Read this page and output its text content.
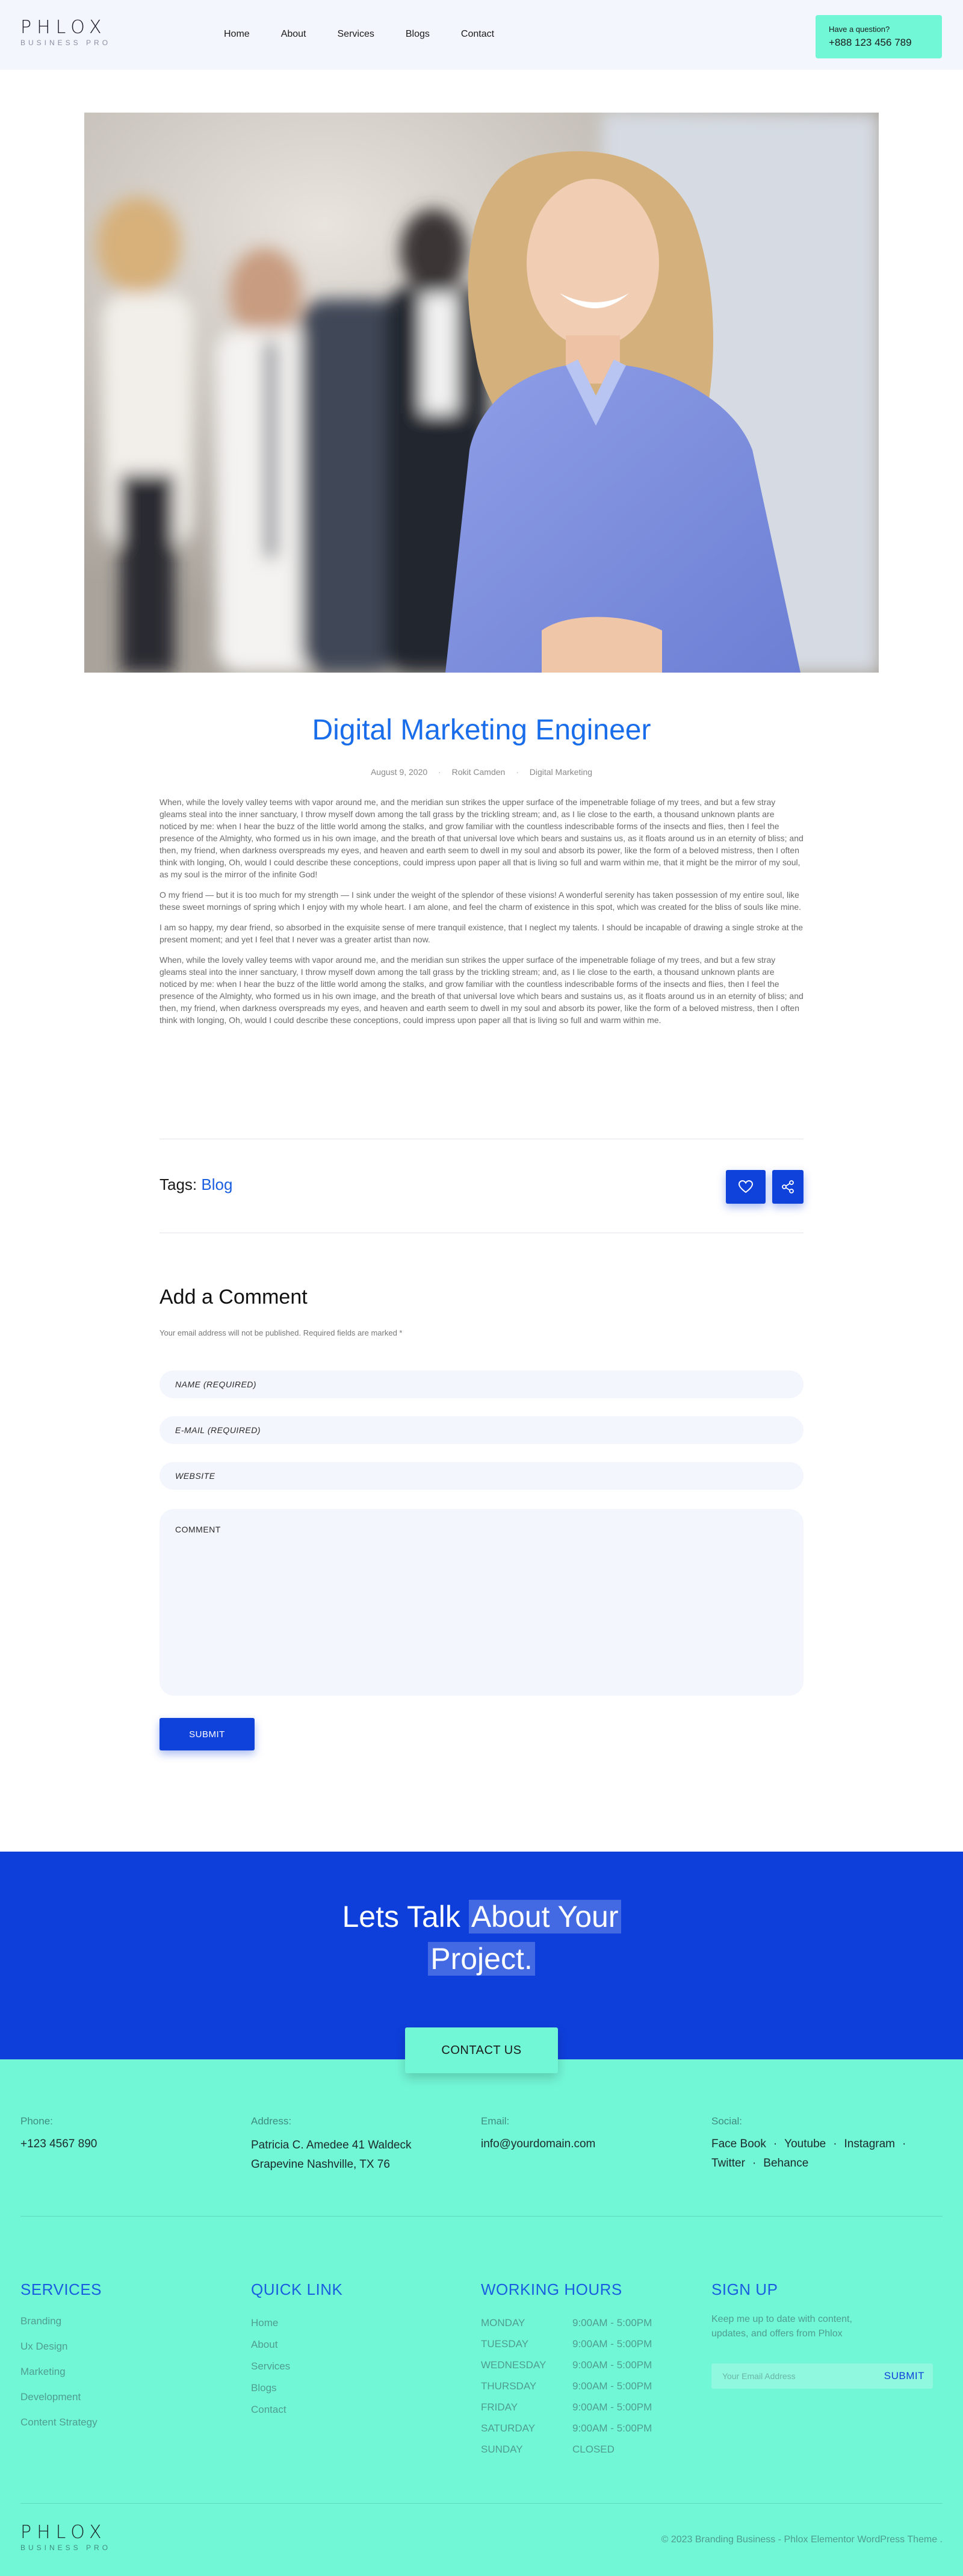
PHLOX
BUSINESS PRO
Home	About	Services	Blogs	Contact	Have a question?
+888 123 456 789
Digital Marketing Engineer
August 9, 2020 · Rokit Camden · Digital Marketing

When, while the lovely valley teems with vapor around me, and the meridian sun strikes the upper surface of the impenetrable foliage of my trees, and but a few stray gleams steal into the inner sanctuary, I throw myself down among the tall grass by the trickling stream; and, as I lie close to the earth, a thousand unknown plants are noticed by me: when I hear the buzz of the little world among the stalks, and grow familiar with the countless indescribable forms of the insects and flies, then I feel the presence of the Almighty, who formed us in his own image, and the breath of that universal love which bears and sustains us, as it floats around us in an eternity of bliss; and then, my friend, when darkness overspreads my eyes, and heaven and earth seem to dwell in my soul and absorb its power, like the form of a beloved mistress, then I often think with longing, Oh, would I could describe these conceptions, could impress upon paper all that is living so full and warm within me, that it might be the mirror of my soul, as my soul is the mirror of the infinite God!

O my friend — but it is too much for my strength — I sink under the weight of the splendor of these visions! A wonderful serenity has taken possession of my entire soul, like these sweet mornings of spring which I enjoy with my whole heart. I am alone, and feel the charm of existence in this spot, which was created for the bliss of souls like mine.

I am so happy, my dear friend, so absorbed in the exquisite sense of mere tranquil existence, that I neglect my talents. I should be incapable of drawing a single stroke at the present moment; and yet I feel that I never was a greater artist than now.

When, while the lovely valley teems with vapor around me, and the meridian sun strikes the upper surface of the impenetrable foliage of my trees, and but a few stray gleams steal into the inner sanctuary, I throw myself down among the tall grass by the trickling stream; and, as I lie close to the earth, a thousand unknown plants are noticed by me: when I hear the buzz of the little world among the stalks, and grow familiar with the countless indescribable forms of the insects and flies, then I feel the presence of the Almighty, who formed us in his own image, and the breath of that universal love which bears and sustains us, as it floats around us in an eternity of bliss; and then, my friend, when darkness overspreads my eyes, and heaven and earth seem to dwell in my soul and absorb its power, like the form of a beloved mistress, then I often think with longing, Oh, would I could describe these conceptions, could impress upon paper all that is living so full and warm within me.

Tags: Blog
Add a Comment

Your email address will not be published. Required fields are marked *

NAME (REQUIRED)
E-MAIL (REQUIRED)
WEBSITE
COMMENT
SUBMIT
Lets Talk About Your
Project.
CONTACT US
Phone:
+123 4567 890
Address:
Patricia C. Amedee 41 Waldeck
Grapevine Nashville, TX 76
Email:
info@yourdomain.com
Social:
Face Book · Youtube · Instagram ·
Twitter · Behance
SERVICES
Branding
Ux Design
Marketing
Development
Content Strategy
QUICK LINK
Home
About
Services
Blogs
Contact
WORKING HOURS
MONDAY	9:00AM - 5:00PM
TUESDAY	9:00AM - 5:00PM
WEDNESDAY	9:00AM - 5:00PM
THURSDAY	9:00AM - 5:00PM
FRIDAY	9:00AM - 5:00PM
SATURDAY	9:00AM - 5:00PM
SUNDAY	CLOSED
SIGN UP

Keep me up to date with content, updates, and offers from Phlox

Your Email Address
SUBMIT
PHLOX
BUSINESS PRO
© 2023 Branding Business - Phlox Elementor WordPress Theme .
